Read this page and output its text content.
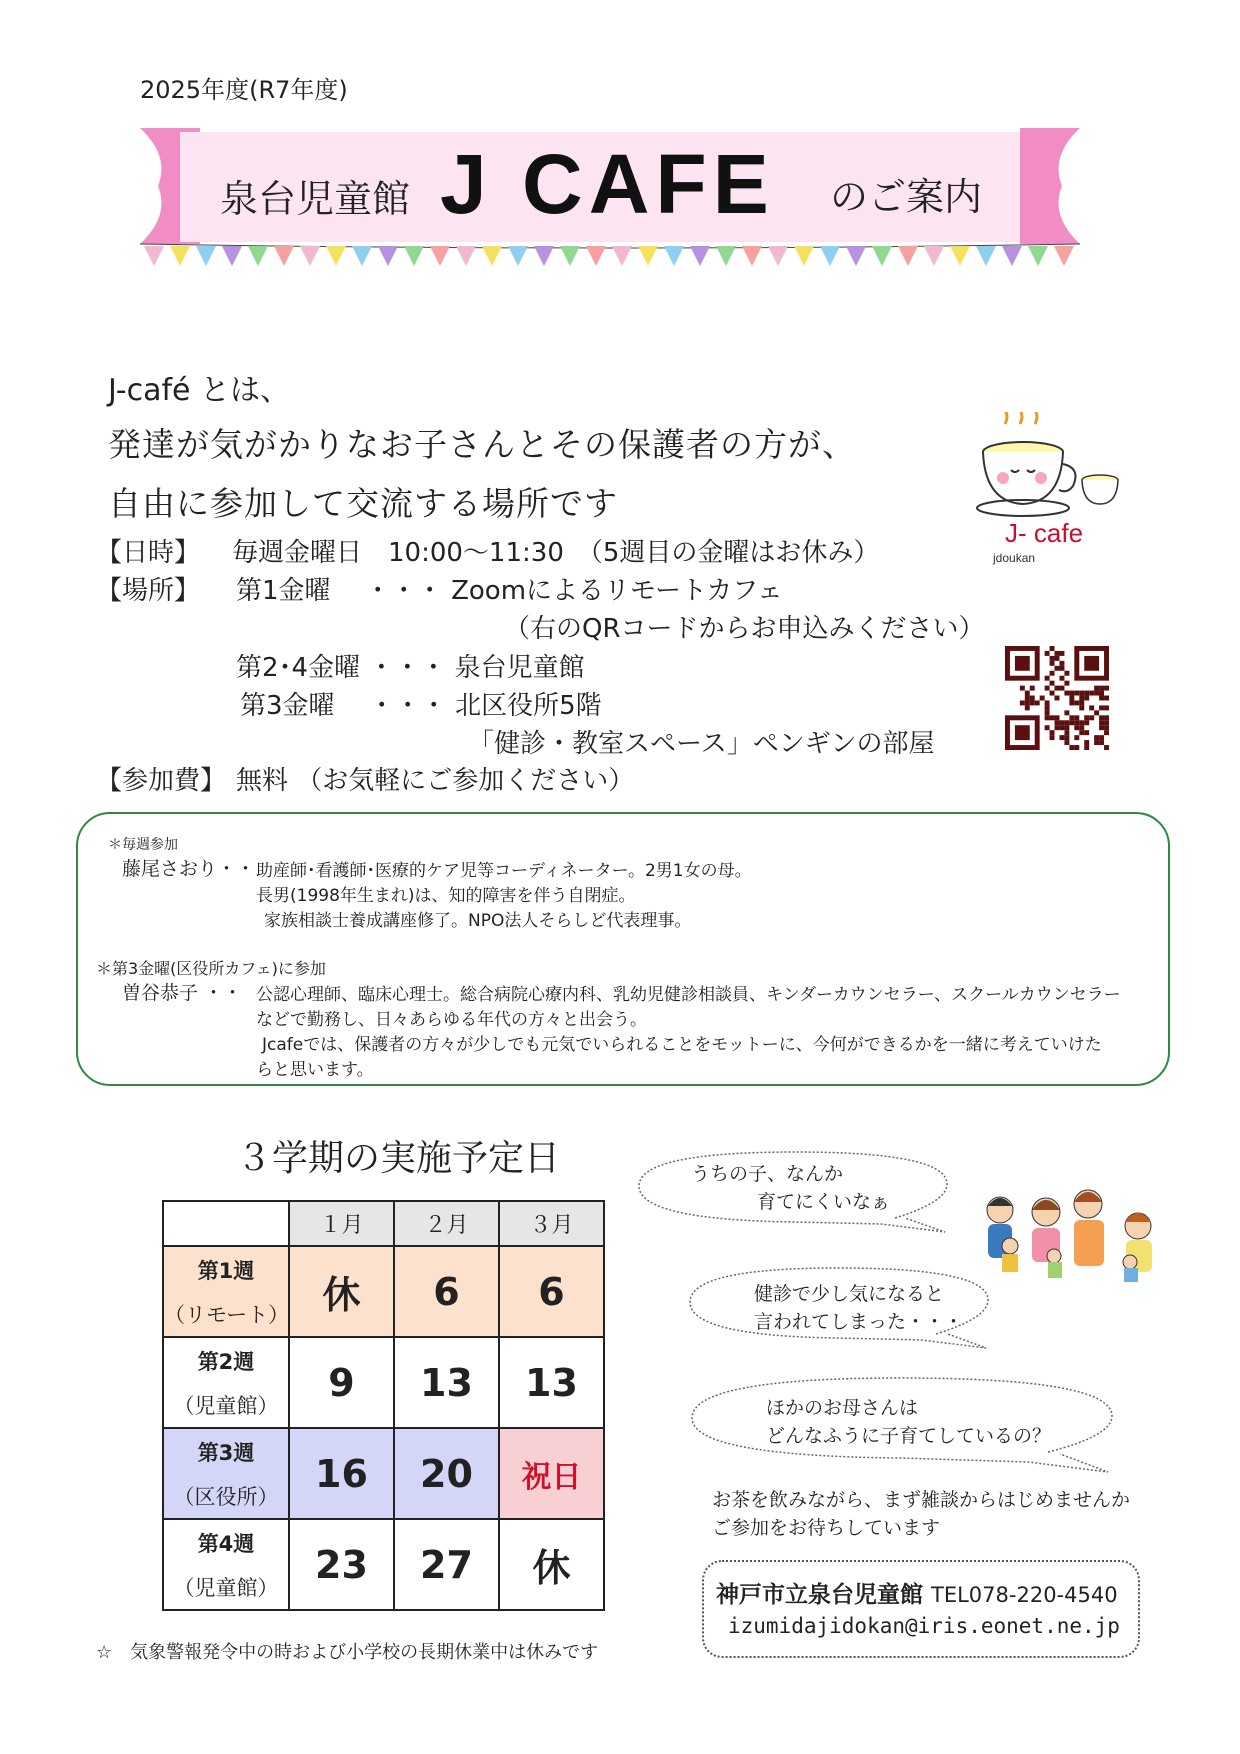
2025年度(R7年度)
泉台児童館 J CAFE のご案内
J-café とは、
発達が気がかりなお子さんとその保護者の方が、
自由に参加して交流する場所です
J- cafe
jdoukan
【日時】 毎週金曜日　10:00～11:30　（5週目の金曜はお休み）
【場所】 第1金曜　 ・・・ Zoomによるリモートカフェ
（右のQRコードからお申込みください）
第2･4金曜 ・・・ 泉台児童館
第3金曜　 ・・・ 北区役所5階
「健診・教室スペース」ペンギンの部屋
【参加費】 無料 （お気軽にご参加ください）
＊毎週参加
藤尾さおり・・ 助産師･看護師･医療的ケア児等コーディネーター。2男1女の母。
長男(1998年生まれ)は、知的障害を伴う自閉症。
家族相談士養成講座修了。NPO法人そらしど代表理事。
＊第3金曜(区役所カフェ)に参加
曽谷恭子 ・・ 公認心理師、臨床心理士。総合病院心療内科、乳幼児健診相談員、キンダーカウンセラー、スクールカウンセラー
などで勤務し、日々あらゆる年代の方々と出会う。
Jcafeでは、保護者の方々が少しでも元気でいられることをモットーに、今何ができるかを一緒に考えていけた
らと思います。
３学期の実施予定日
	１月	２月	３月

第1週
（リモート）	休	6	6

第2週
（児童館）	9	13	13

第3週
（区役所）	16	20	祝日

第4週
（児童館）	23	27	休
☆　気象警報発令中の時および小学校の長期休業中は休みです
うちの子、なんか
育てにくいなぁ
健診で少し気になると
言われてしまった・・・
ほかのお母さんは
どんなふうに子育てしているの？
お茶を飲みながら、まず雑談からはじめませんか
ご参加をお待ちしています
神戸市立泉台児童館 TEL078-220-4540
izumidajidokan@iris.eonet.ne.jp
